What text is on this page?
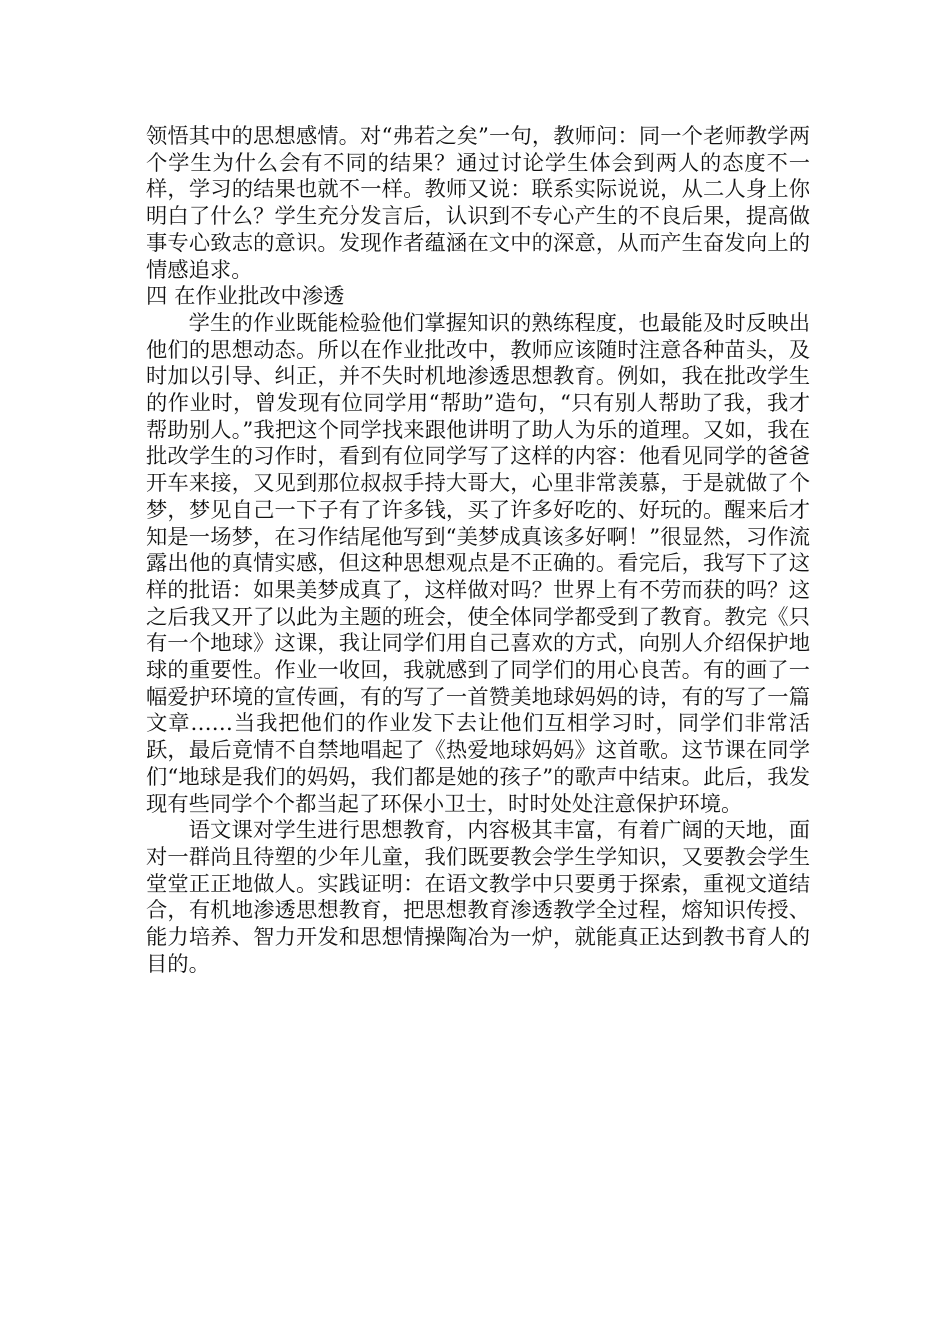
领悟其中的思想感情。对“弗若之矣”一句，教师问：同一个老师教学两个学生为什么会有不同的结果？通过讨论学生体会到两人的态度不一样，学习的结果也就不一样。教师又说：联系实际说说，从二人身上你明白了什么？学生充分发言后，认识到不专心产生的不良后果，提高做事专心致志的意识。发现作者蕴涵在文中的深意，从而产生奋发向上的情感追求。

四 在作业批改中渗透

学生的作业既能检验他们掌握知识的熟练程度，也最能及时反映出他们的思想动态。所以在作业批改中，教师应该随时注意各种苗头，及时加以引导、纠正，并不失时机地渗透思想教育。例如，我在批改学生的作业时，曾发现有位同学用“帮助”造句，“只有别人帮助了我，我才帮助别人。”我把这个同学找来跟他讲明了助人为乐的道理。又如，我在批改学生的习作时，看到有位同学写了这样的内容：他看见同学的爸爸开车来接，又见到那位叔叔手持大哥大，心里非常羡慕，于是就做了个梦，梦见自己一下子有了许多钱，买了许多好吃的、好玩的。醒来后才知是一场梦，在习作结尾他写到“美梦成真该多好啊！”很显然，习作流露出他的真情实感，但这种思想观点是不正确的。看完后，我写下了这样的批语：如果美梦成真了，这样做对吗？世界上有不劳而获的吗？这之后我又开了以此为主题的班会，使全体同学都受到了教育。教完《只有一个地球》这课，我让同学们用自己喜欢的方式，向别人介绍保护地球的重要性。作业一收回，我就感到了同学们的用心良苦。有的画了一幅爱护环境的宣传画，有的写了一首赞美地球妈妈的诗，有的写了一篇文章……当我把他们的作业发下去让他们互相学习时，同学们非常活跃，最后竟情不自禁地唱起了《热爱地球妈妈》这首歌。这节课在同学们“地球是我们的妈妈，我们都是她的孩子”的歌声中结束。此后，我发现有些同学个个都当起了环保小卫士，时时处处注意保护环境。

语文课对学生进行思想教育，内容极其丰富，有着广阔的天地，面对一群尚且待塑的少年儿童，我们既要教会学生学知识，又要教会学生堂堂正正地做人。实践证明：在语文教学中只要勇于探索，重视文道结合，有机地渗透思想教育，把思想教育渗透教学全过程，熔知识传授、能力培养、智力开发和思想情操陶冶为一炉，就能真正达到教书育人的目的。
